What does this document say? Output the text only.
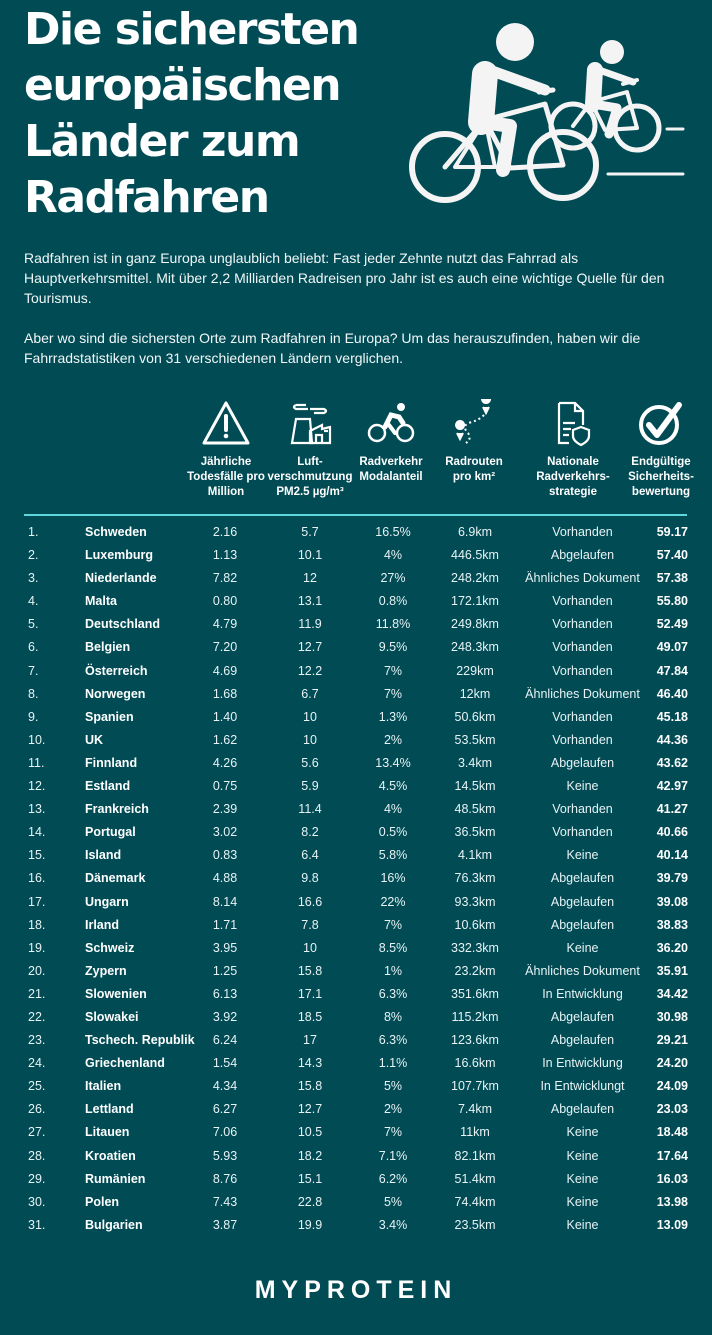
Die sichersten
europäischen
Länder zum
Radfahren

Radfahren ist in ganz Europa unglaublich beliebt: Fast jeder Zehnte nutzt das Fahrrad als Hauptverkehrsmittel. Mit über 2,2 Milliarden Radreisen pro Jahr ist es auch eine wichtige Quelle für den Tourismus.

Aber wo sind die sichersten Orte zum Radfahren in Europa? Um das herauszufinden, haben wir die Fahrradstatistiken von 31 verschiedenen Ländern verglichen.

Jährliche Todesfälle pro Million
Luft- verschmutzung PM2.5 µg/m³
Radverkehr Modalanteil
Radrouten pro km²
Nationale Radverkehrs- strategie
Endgültige Sicherheits- bewertung
1.	Schweden	2.16	5.7	16.5%	6.9km	Vorhanden	59.17
2.	Luxemburg	1.13	10.1	4%	446.5km	Abgelaufen	57.40
3.	Niederlande	7.82	12	27%	248.2km	Ähnliches Dokument	57.38
4.	Malta	0.80	13.1	0.8%	172.1km	Vorhanden	55.80
5.	Deutschland	4.79	11.9	11.8%	249.8km	Vorhanden	52.49
6.	Belgien	7.20	12.7	9.5%	248.3km	Vorhanden	49.07
7.	Österreich	4.69	12.2	7%	229km	Vorhanden	47.84
8.	Norwegen	1.68	6.7	7%	12km	Ähnliches Dokument	46.40
9.	Spanien	1.40	10	1.3%	50.6km	Vorhanden	45.18
10.	UK	1.62	10	2%	53.5km	Vorhanden	44.36
11.	Finnland	4.26	5.6	13.4%	3.4km	Abgelaufen	43.62
12.	Estland	0.75	5.9	4.5%	14.5km	Keine	42.97
13.	Frankreich	2.39	11.4	4%	48.5km	Vorhanden	41.27
14.	Portugal	3.02	8.2	0.5%	36.5km	Vorhanden	40.66
15.	Island	0.83	6.4	5.8%	4.1km	Keine	40.14
16.	Dänemark	4.88	9.8	16%	76.3km	Abgelaufen	39.79
17.	Ungarn	8.14	16.6	22%	93.3km	Abgelaufen	39.08
18.	Irland	1.71	7.8	7%	10.6km	Abgelaufen	38.83
19.	Schweiz	3.95	10	8.5%	332.3km	Keine	36.20
20.	Zypern	1.25	15.8	1%	23.2km	Ähnliches Dokument	35.91
21.	Slowenien	6.13	17.1	6.3%	351.6km	In Entwicklung	34.42
22.	Slowakei	3.92	18.5	8%	115.2km	Abgelaufen	30.98
23.	Tschech. Republik	6.24	17	6.3%	123.6km	Abgelaufen	29.21
24.	Griechenland	1.54	14.3	1.1%	16.6km	In Entwicklung	24.20
25.	Italien	4.34	15.8	5%	107.7km	In Entwicklungt	24.09
26.	Lettland	6.27	12.7	2%	7.4km	Abgelaufen	23.03
27.	Litauen	7.06	10.5	7%	11km	Keine	18.48
28.	Kroatien	5.93	18.2	7.1%	82.1km	Keine	17.64
29.	Rumänien	8.76	15.1	6.2%	51.4km	Keine	16.03
30.	Polen	7.43	22.8	5%	74.4km	Keine	13.98
31.	Bulgarien	3.87	19.9	3.4%	23.5km	Keine	13.09
MYPROTEIN
